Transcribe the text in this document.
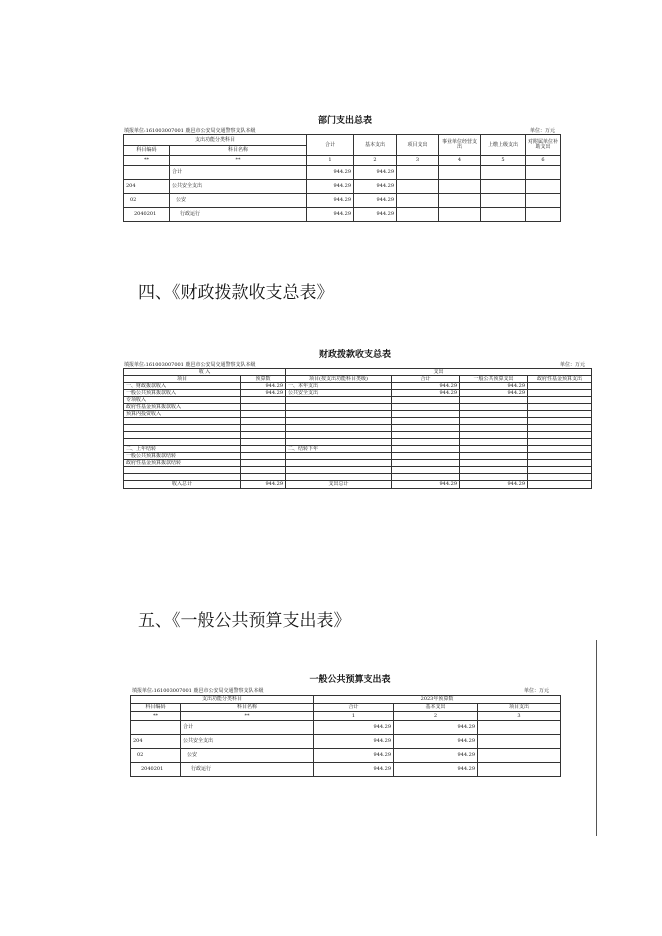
部门支出总表
填报单位:161003007001 鹿邑市公安局交通警察支队本级	单位：万元
支出功能分类科目		合计	基本支出	项目支出	事业单位经营支出	上缴上级支出	对附属单位补助支出
科目编码	科目名称						
**	**	1	2	3	4	5	6
	合计	944.29	944.29				
204	公共安全支出	944.29	944.29				
02	公安	944.29	944.29				
2040201	行政运行	944.29	944.29				
四、《财政拨款收支总表》
财政拨款收支总表
填报单位:161003007001 鹿邑市公安局交通警察支队本级	单位：万元
收 入		支出			
项目	预算数	项目(按支出功能科目类级)	合计	一般公共预算支出	政府性基金预算支出
一、财政拨款收入	944.29	一、本年支出	944.29	944.29	
一般公共预算拨款收入	944.29	公共安全支出	944.29	944.29	
专项收入					
政府性基金预算拨款收入					
预算内投资收入					

二、上年结转		二、结转下年			
一般公共预算拨款结转					
政府性基金预算拨款结转					

收入总计	944.29	支出总计	944.29	944.29	
五、《一般公共预算支出表》
一般公共预算支出表
填报单位:161003007001 鹿邑市公安局交通警察支队本级	单位：万元
支出功能分类科目		2023年预算数		
科目编码	科目名称	合计	基本支出	项目支出
**	**	1	2	3
	合计	944.29	944.29	
204	公共安全支出	944.29	944.29	
02	公安	944.29	944.29	
2040201	行政运行	944.29	944.29	
